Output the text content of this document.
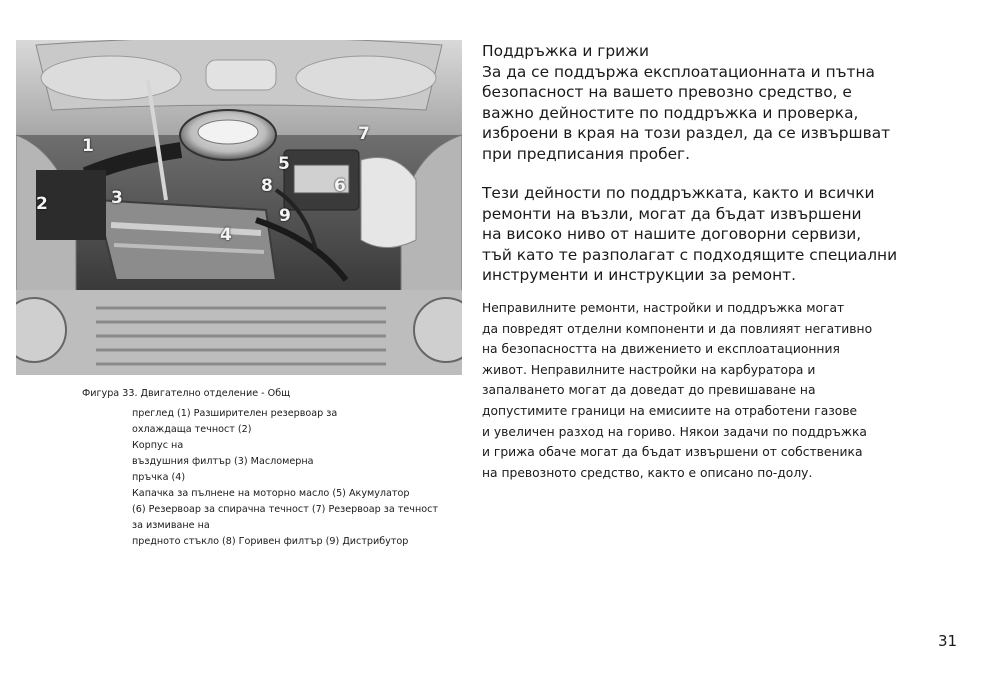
1
2	3
4
5
6
7
8
9
Фигура 33. Двигателно отделение - Общ
преглед (1) Разширителен резервоар за
охлаждаща течност (2)
Корпус на
въздушния филтър (3) Масломерна
пръчка (4)
Капачка за пълнене на моторно масло (5) Акумулатор
(6) Резервоар за спирачна течност (7) Резервоар за течност
за измиване на
предното стъкло (8) Горивен филтър (9) Дистрибутор
Поддръжка и грижи
За да се поддържа експлоатационната и пътна
безопасност на вашето превозно средство, е
важно дейностите по поддръжка и проверка,
изброени в края на този раздел, да се извършват
при предписания пробег.
Тези дейности по поддръжката, както и всички
ремонти на възли, могат да бъдат извършени
на високо ниво от нашите договорни сервизи,
тъй като те разполагат с подходящите специални
инструменти и инструкции за ремонт.
Неправилните ремонти, настройки и поддръжка могат
да повредят отделни компоненти и да повлияят негативно
на безопасността на движението и експлоатационния
живот. Неправилните настройки на карбуратора и
запалването могат да доведат до превишаване на
допустимите граници на емисиите на отработени газове
и увеличен разход на гориво. Някои задачи по поддръжка
и грижа обаче могат да бъдат извършени от собственика
на превозното средство, както е описано по-долу.
31
